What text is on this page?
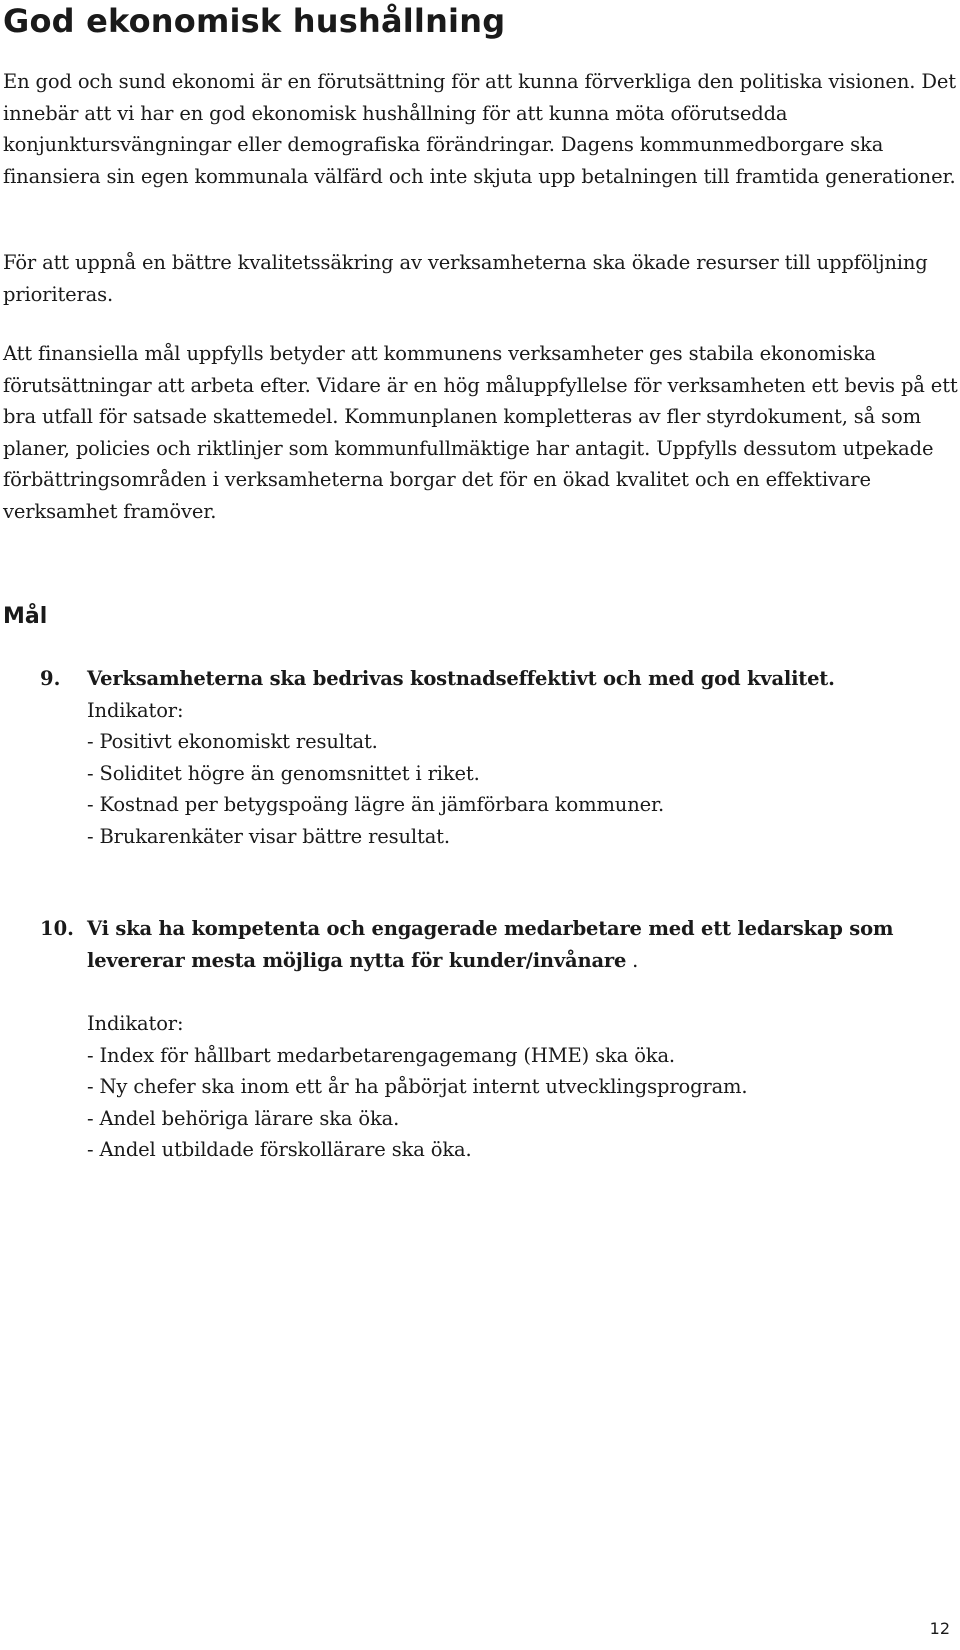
God ekonomisk hushållning

En god och sund ekonomi är en förutsättning för att kunna förverkliga den politiska visionen. Det innebär att vi har en god ekonomisk hushållning för att kunna möta oförutsedda konjunktursvängningar eller demografiska förändringar. Dagens kommunmedborgare ska finansiera sin egen kommunala välfärd och inte skjuta upp betalningen till framtida generationer.

För att uppnå en bättre kvalitetssäkring av verksamheterna ska ökade resurser till uppföljning prioriteras.

Att finansiella mål uppfylls betyder att kommunens verksamheter ges stabila ekonomiska förutsättningar att arbeta efter. Vidare är en hög måluppfyllelse för verksamheten ett bevis på ett bra utfall för satsade skattemedel. Kommunplanen kompletteras av fler styrdokument, så som planer, policies och riktlinjer som kommunfullmäktige har antagit. Uppfylls dessutom utpekade förbättringsområden i verksamheterna borgar det för en ökad kvalitet och en effektivare verksamhet framöver.

Mål
9. Verksamheterna ska bedrivas kostnadseffektivt och med god kvalitet.

Indikator:

- Positivt ekonomiskt resultat.

- Soliditet högre än genomsnittet i riket.

- Kostnad per betygspoäng lägre än jämförbara kommuner.

- Brukarenkäter visar bättre resultat.

10. Vi ska ha kompetenta och engagerade medarbetare med ett ledarskap som levererar mesta möjliga nytta för kunder/invånare .

Indikator:

- Index för hållbart medarbetarengagemang (HME) ska öka.

- Ny chefer ska inom ett år ha påbörjat internt utvecklingsprogram.

- Andel behöriga lärare ska öka.

- Andel utbildade förskollärare ska öka.

12
